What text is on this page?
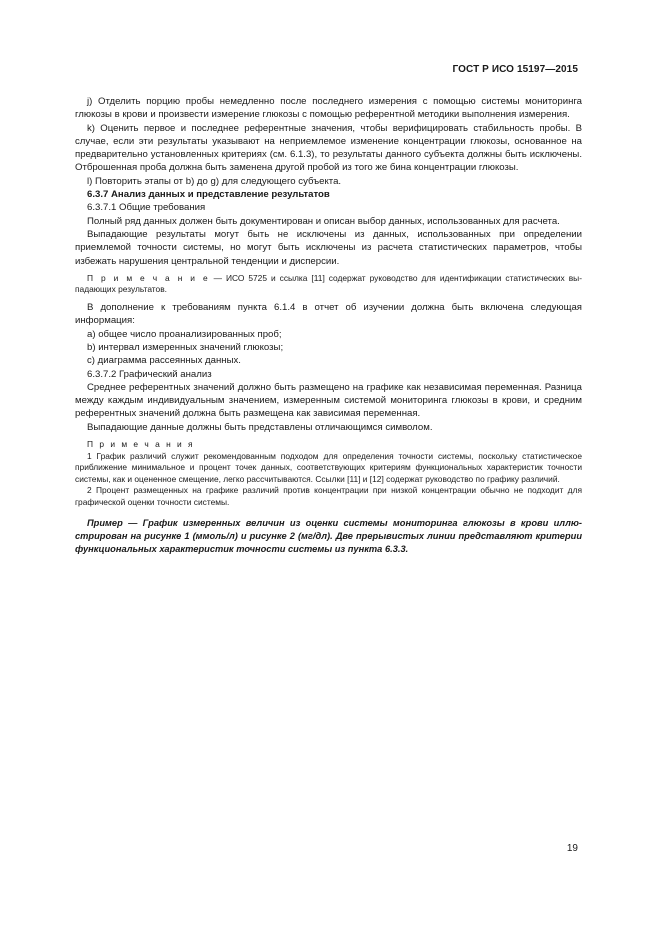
ГОСТ Р ИСО 15197—2015

j) Отделить порцию пробы немедленно после последнего измерения с помощью системы мониторинга глюкозы в крови и произвести измерение глюкозы с помощью референтной методики выполнения измерения.

k) Оценить первое и последнее референтные значения, чтобы верифицировать стабильность пробы. В случае, если эти результаты указывают на неприемлемое изменение концентрации глюкозы, основанное на предварительно установленных критериях (см. 6.1.3), то результаты данного субъекта должны быть исключены. Отброшенная проба должна быть заменена другой пробой из того же бина концентрации глюкозы.

l) Повторить этапы от b) до g) для следующего субъекта.

6.3.7 Анализ данных и представление результатов

6.3.7.1 Общие требования

Полный ряд данных должен быть документирован и описан выбор данных, использованных для расчета.

Выпадающие результаты могут быть не исключены из данных, использованных при определении приемлемой точности системы, но могут быть исключены из расчета статистических параметров, чтобы избежать нарушения центральной тенденции и дисперсии.

П р и м е ч а н и е — ИСО 5725 и ссылка [11] содержат руководство для идентификации статистических выпадающих результатов.

В дополнение к требованиям пункта 6.1.4 в отчет об изучении должна быть включена следующая информация:

a) общее число проанализированных проб;

b) интервал измеренных значений глюкозы;

c) диаграмма рассеянных данных.

6.3.7.2 Графический анализ

Среднее референтных значений должно быть размещено на графике как независимая переменная. Разница между каждым индивидуальным значением, измеренным системой мониторинга глюкозы в крови, и средним референтных значений должна быть размещена как зависимая переменная.

Выпадающие данные должны быть представлены отличающимся символом.

П р и м е ч а н и я

1 График различий служит рекомендованным подходом для определения точности системы, поскольку статистическое приближение минимальное и процент точек данных, соответствующих критериям функциональных характеристик точности системы, как и оцененное смещение, легко рассчитываются. Ссылки [11] и [12] содержат руководство по графику различий.

2 Процент размещенных на графике различий против концентрации при низкой концентрации обычно не подходит для графической оценки точности системы.

Пример — График измеренных величин из оценки системы мониторинга глюкозы в крови иллюстрирован на рисунке 1 (ммоль/л) и рисунке 2 (мг/дл). Две прерывистых линии представляют критерии функциональных характеристик точности системы из пункта 6.3.3.

19
